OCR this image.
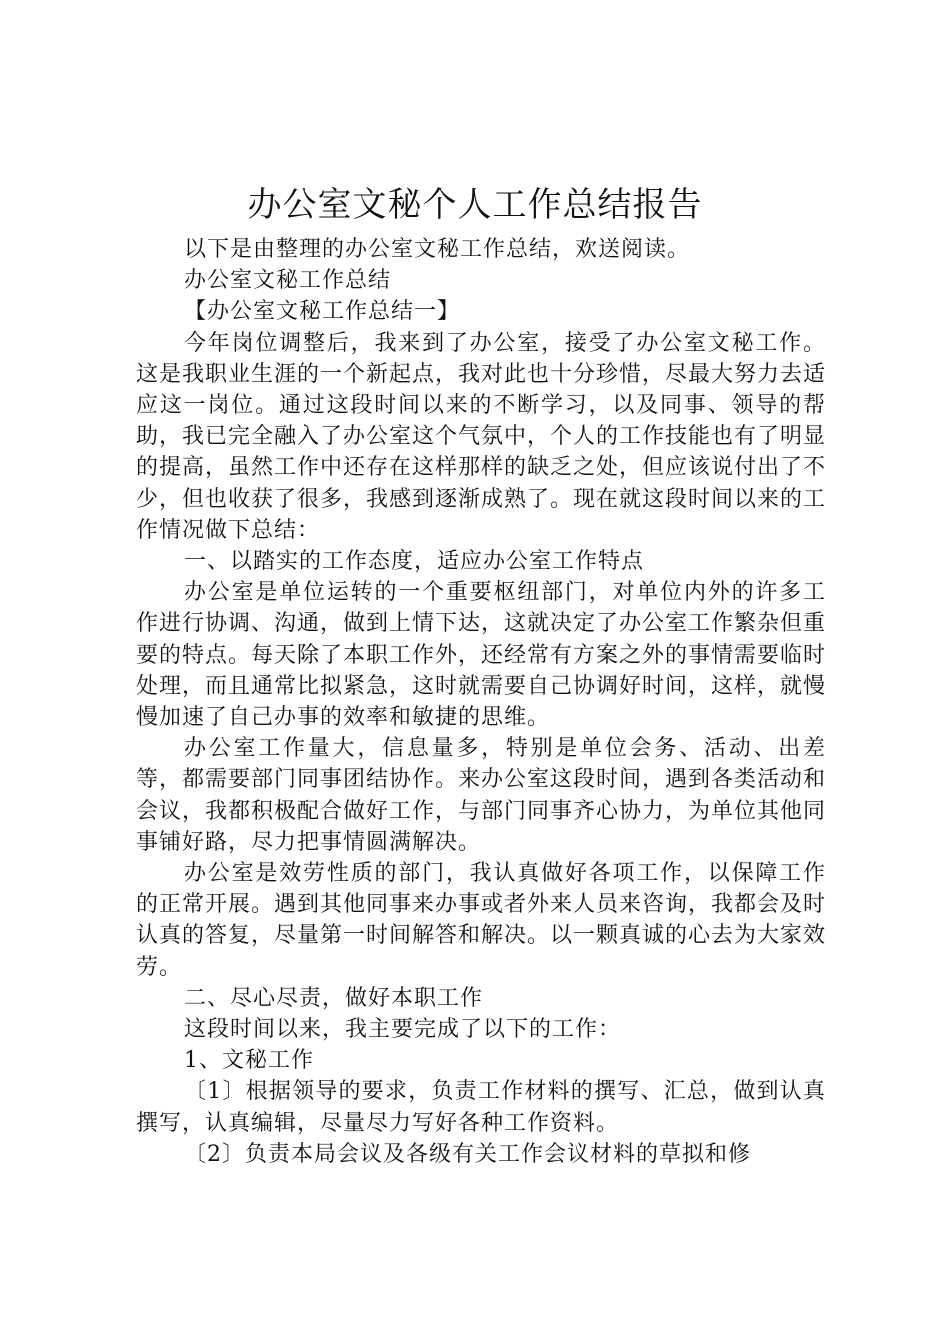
办公室文秘个人工作总结报告

以下是由整理的办公室文秘工作总结，欢送阅读。

办公室文秘工作总结

【办公室文秘工作总结一】

今年岗位调整后，我来到了办公室，接受了办公室文秘工作。这是我职业生涯的一个新起点，我对此也十分珍惜，尽最大努力去适应这一岗位。通过这段时间以来的不断学习，以及同事、领导的帮助，我已完全融入了办公室这个气氛中，个人的工作技能也有了明显的提高，虽然工作中还存在这样那样的缺乏之处，但应该说付出了不少，但也收获了很多，我感到逐渐成熟了。现在就这段时间以来的工作情况做下总结：

一、以踏实的工作态度，适应办公室工作特点

办公室是单位运转的一个重要枢纽部门，对单位内外的许多工作进行协调、沟通，做到上情下达，这就决定了办公室工作繁杂但重要的特点。每天除了本职工作外，还经常有方案之外的事情需要临时处理，而且通常比拟紧急，这时就需要自己协调好时间，这样，就慢慢加速了自己办事的效率和敏捷的思维。

办公室工作量大，信息量多，特别是单位会务、活动、出差等，都需要部门同事团结协作。来办公室这段时间，遇到各类活动和会议，我都积极配合做好工作，与部门同事齐心协力，为单位其他同事铺好路，尽力把事情圆满解决。

办公室是效劳性质的部门，我认真做好各项工作，以保障工作的正常开展。遇到其他同事来办事或者外来人员来咨询，我都会及时认真的答复，尽量第一时间解答和解决。以一颗真诚的心去为大家效劳。

二、尽心尽责，做好本职工作

这段时间以来，我主要完成了以下的工作：

1、文秘工作

〔1〕根据领导的要求，负责工作材料的撰写、汇总，做到认真撰写，认真编辑，尽量尽力写好各种工作资料。

〔2〕负责本局会议及各级有关工作会议材料的草拟和修
